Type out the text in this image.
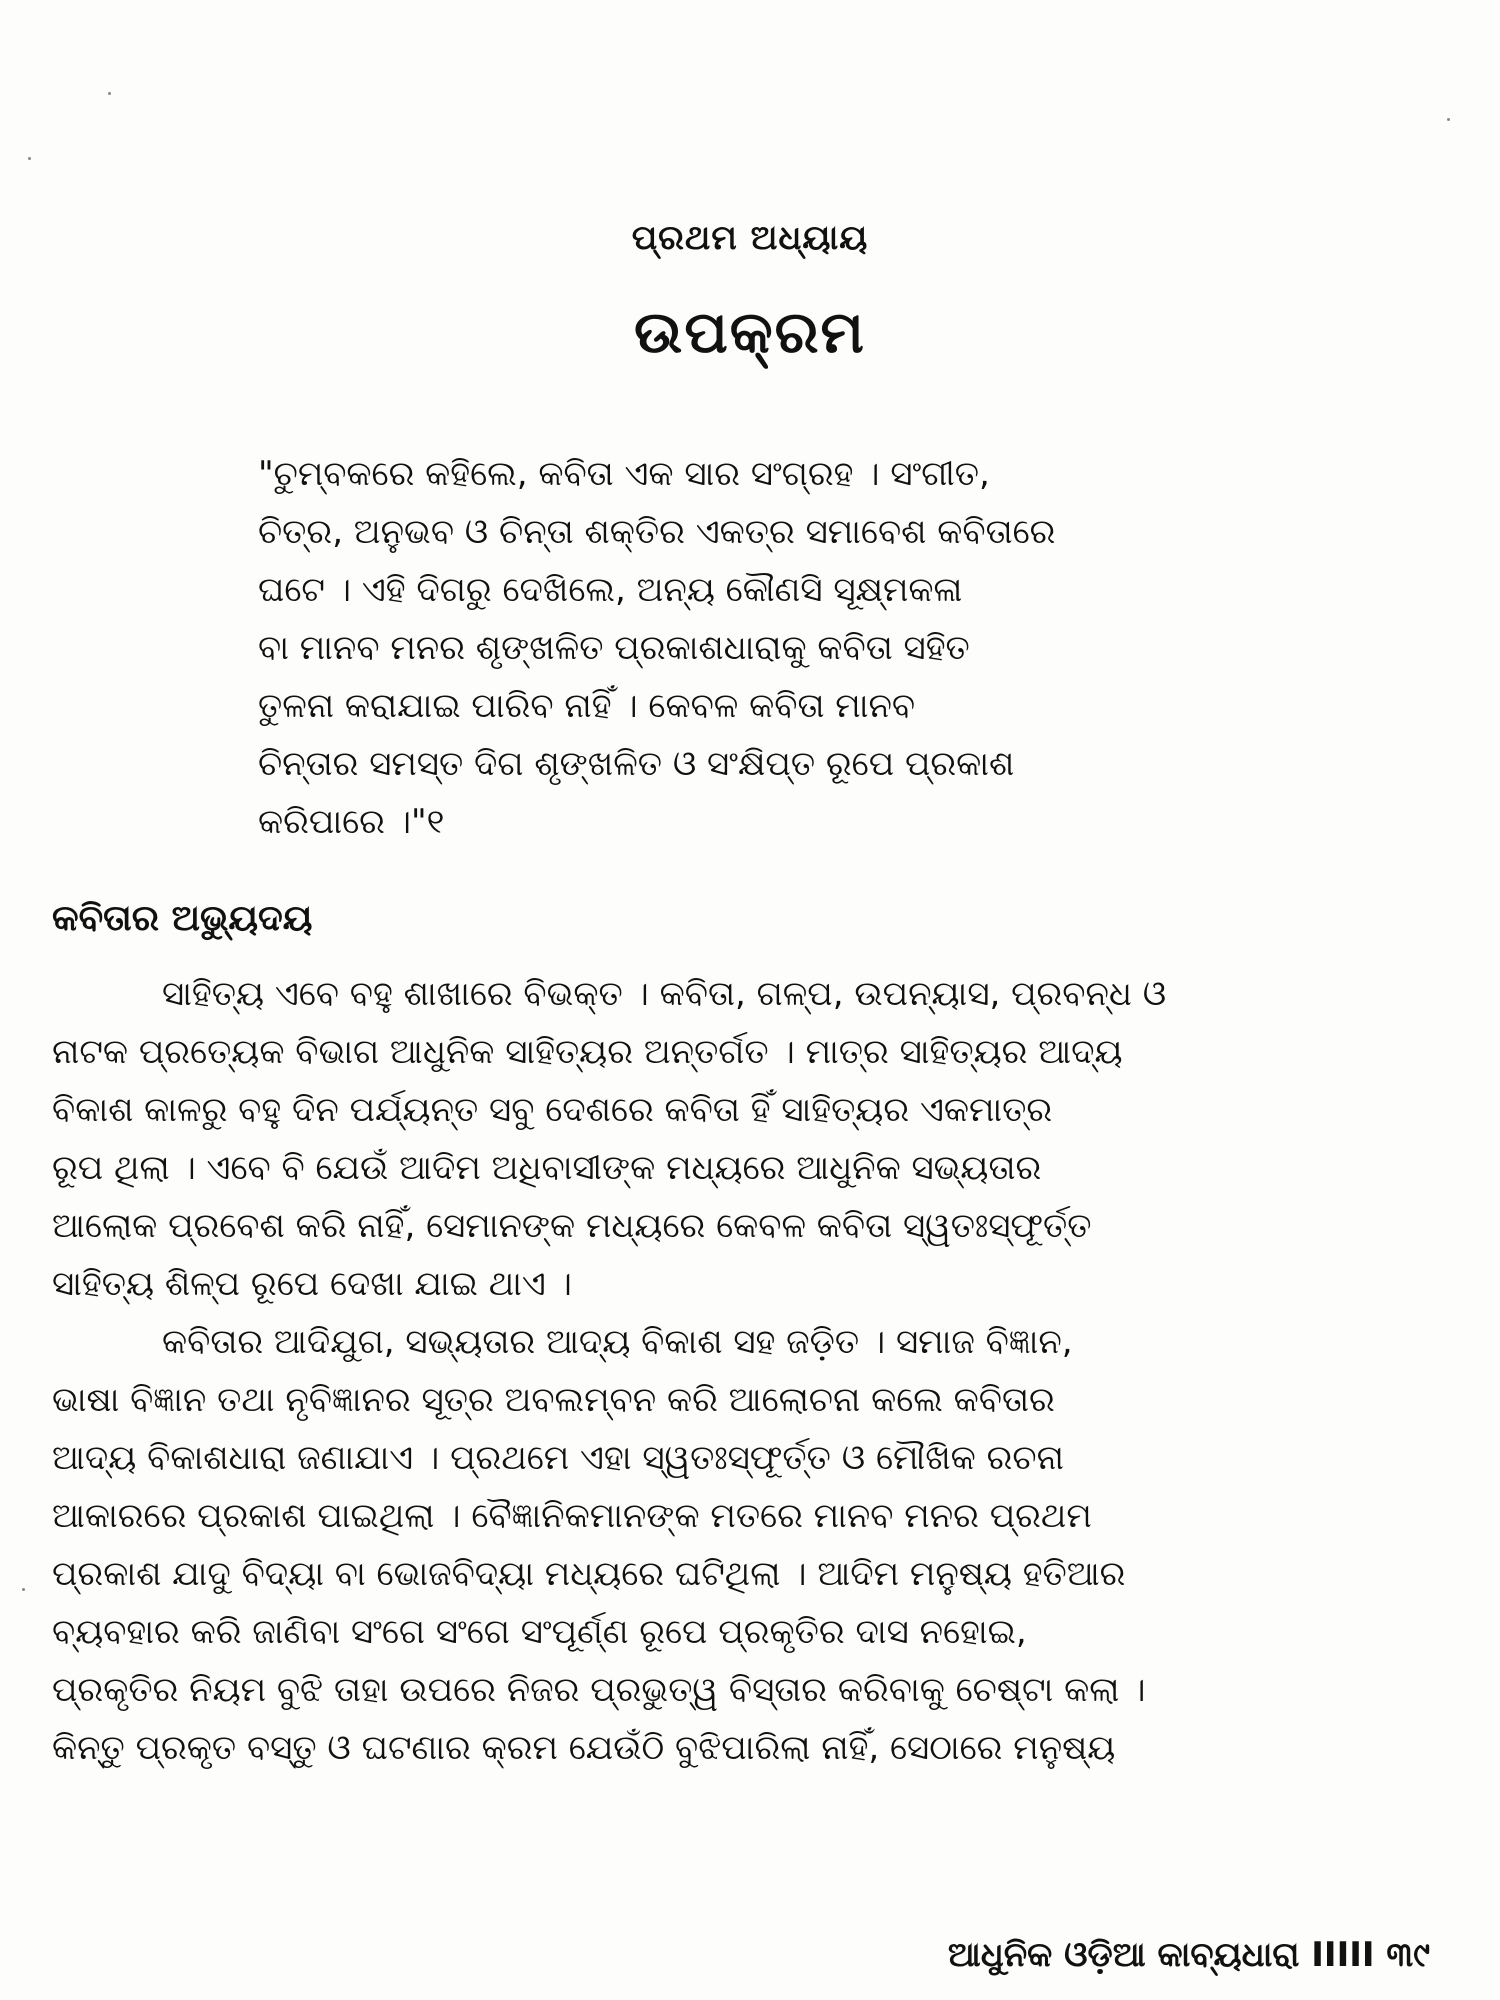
ପ୍ରଥମ ଅଧ୍ୟାୟ
ଉପକ୍ରମ
"ଚୁମ୍ବକରେ କହିଲେ, କବିତା ଏକ ସାର ସଂଗ୍ରହ । ସଂଗୀତ,
ଚିତ୍ର, ଅନୁଭବ ଓ ଚିନ୍ତା ଶକ୍ତିର ଏକତ୍ର ସମାବେଶ କବିତାରେ
ଘଟେ । ଏହି ଦିଗରୁ ଦେଖିଲେ, ଅନ୍ୟ କୌଣସି ସୂକ୍ଷ୍ମକଳା
ବା ମାନବ ମନର ଶୃଙ୍ଖଳିତ ପ୍ରକାଶଧାରାକୁ କବିତା ସହିତ
ତୁଳନା କରାଯାଇ ପାରିବ ନାହିଁ । କେବଳ କବିତା ମାନବ
ଚିନ୍ତାର ସମସ୍ତ ଦିଗ ଶୃଙ୍ଖଳିତ ଓ ସଂକ୍ଷିପ୍ତ ରୂପେ ପ୍ରକାଶ
କରିପାରେ ।"୧
କବିତାର ଅଭ୍ୟୁଦୟ
ସାହିତ୍ୟ ଏବେ ବହୁ ଶାଖାରେ ବିଭକ୍ତ । କବିତା, ଗଳ୍ପ, ଉପନ୍ୟାସ, ପ୍ରବନ୍ଧ ଓ
ନାଟକ ପ୍ରତ୍ୟେକ ବିଭାଗ ଆଧୁନିକ ସାହିତ୍ୟର ଅନ୍ତର୍ଗତ । ମାତ୍ର ସାହିତ୍ୟର ଆଦ୍ୟ
ବିକାଶ କାଳରୁ ବହୁ ଦିନ ପର୍ଯ୍ୟନ୍ତ ସବୁ ଦେଶରେ କବିତା ହିଁ ସାହିତ୍ୟର ଏକମାତ୍ର
ରୂପ ଥିଲା । ଏବେ ବି ଯେଉଁ ଆଦିମ ଅଧିବାସୀଙ୍କ ମଧ୍ୟରେ ଆଧୁନିକ ସଭ୍ୟତାର
ଆଲୋକ ପ୍ରବେଶ କରି ନାହିଁ, ସେମାନଙ୍କ ମଧ୍ୟରେ କେବଳ କବିତା ସ୍ୱତଃସ୍ଫୂର୍ତ୍ତ
ସାହିତ୍ୟ ଶିଳ୍ପ ରୂପେ ଦେଖା ଯାଇ ଥାଏ ।
କବିତାର ଆଦିଯୁଗ, ସଭ୍ୟତାର ଆଦ୍ୟ ବିକାଶ ସହ ଜଡ଼ିତ । ସମାଜ ବିଜ୍ଞାନ,
ଭାଷା ବିଜ୍ଞାନ ତଥା ନୃବିଜ୍ଞାନର ସୂତ୍ର ଅବଲମ୍ବନ କରି ଆଲୋଚନା କଲେ କବିତାର
ଆଦ୍ୟ ବିକାଶଧାରା ଜଣାଯାଏ । ପ୍ରଥମେ ଏହା ସ୍ୱତଃସ୍ଫୂର୍ତ୍ତ ଓ ମୌଖିକ ରଚନା
ଆକାରରେ ପ୍ରକାଶ ପାଇଥିଲା । ବୈଜ୍ଞାନିକମାନଙ୍କ ମତରେ ମାନବ ମନର ପ୍ରଥମ
ପ୍ରକାଶ ଯାଦୁ ବିଦ୍ୟା ବା ଭୋଜବିଦ୍ୟା ମଧ୍ୟରେ ଘଟିଥିଲା । ଆଦିମ ମନୁଷ୍ୟ ହତିଆର
ବ୍ୟବହାର କରି ଜାଣିବା ସଂଗେ ସଂଗେ ସଂପୂର୍ଣ୍ଣ ରୂପେ ପ୍ରକୃତିର ଦାସ ନହୋଇ,
ପ୍ରକୃତିର ନିୟମ ବୁଝି ତାହା ଉପରେ ନିଜର ପ୍ରଭୁତ୍ୱ ବିସ୍ତାର କରିବାକୁ ଚେଷ୍ଟା କଲା ।
କିନ୍ତୁ ପ୍ରକୃତ ବସ୍ତୁ ଓ ଘଟଣାର କ୍ରମ ଯେଉଁଠି ବୁଝିପାରିଲା ନାହିଁ, ସେଠାରେ ମନୁଷ୍ୟ
ଆଧୁନିକ ଓଡ଼ିଆ କାବ୍ୟଧାରା IIIII ୩୯
